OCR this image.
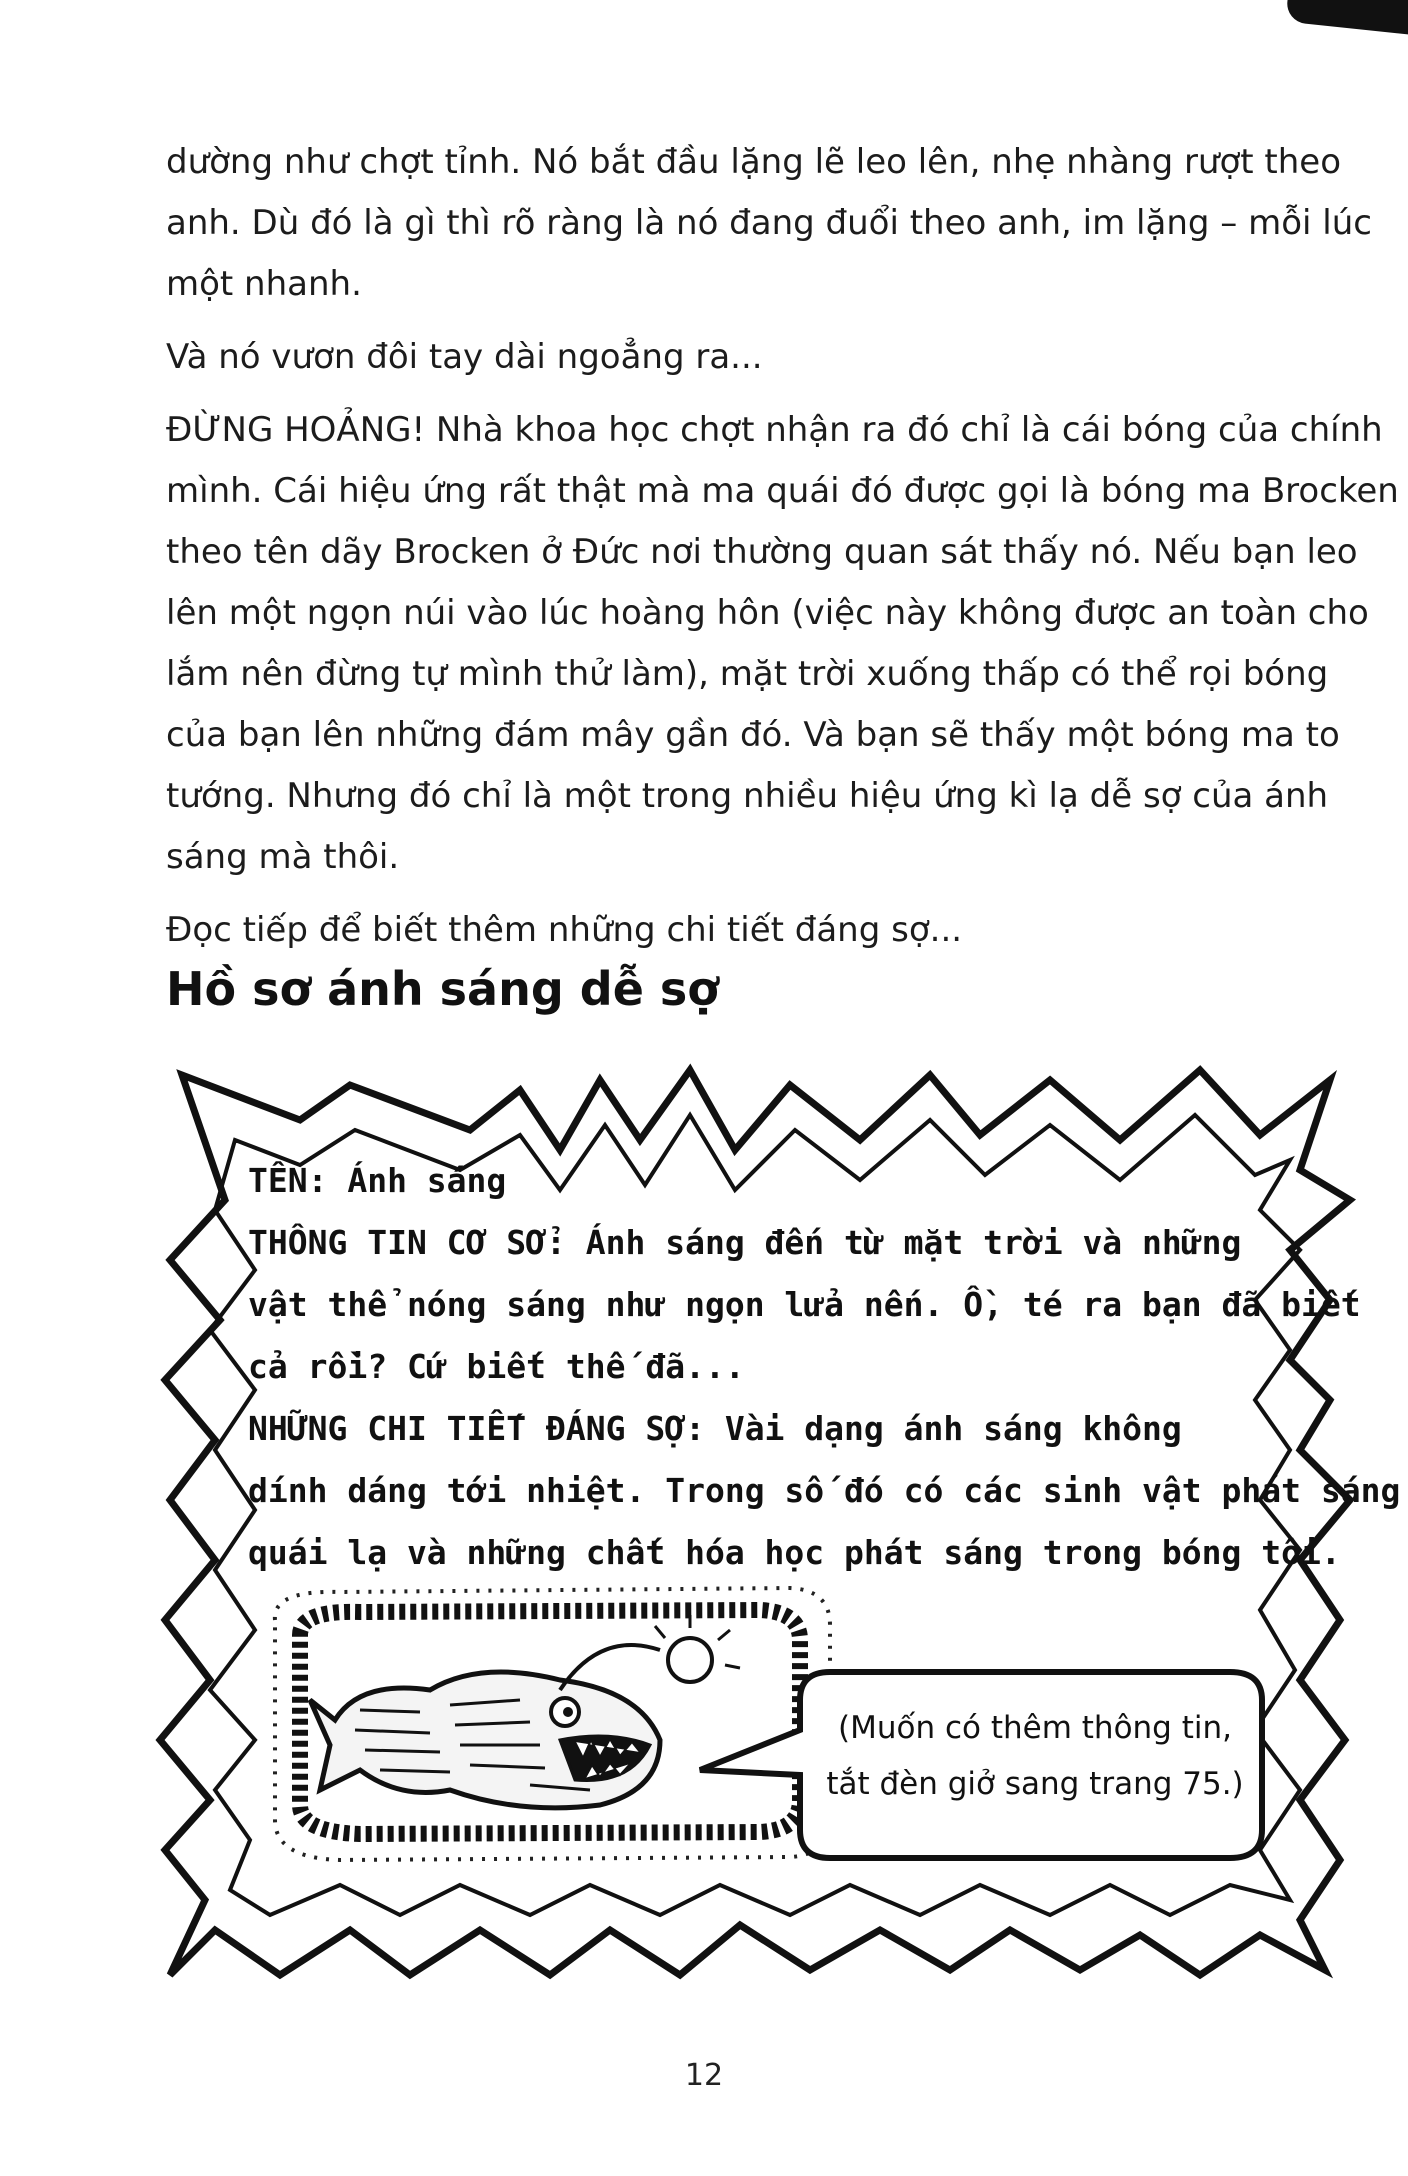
dường như chợt tỉnh. Nó bắt đầu lặng lẽ leo lên, nhẹ nhàng rượt theo
anh. Dù đó là gì thì rõ ràng là nó đang đuổi theo anh, im lặng – mỗi lúc
một nhanh.

Và nó vươn đôi tay dài ngoẳng ra...

ĐỪNG HOẢNG! Nhà khoa học chợt nhận ra đó chỉ là cái bóng của chính
mình. Cái hiệu ứng rất thật mà ma quái đó được gọi là bóng ma Brocken
theo tên dãy Brocken ở Đức nơi thường quan sát thấy nó. Nếu bạn leo
lên một ngọn núi vào lúc hoàng hôn (việc này không được an toàn cho
lắm nên đừng tự mình thử làm), mặt trời xuống thấp có thể rọi bóng
của bạn lên những đám mây gần đó. Và bạn sẽ thấy một bóng ma to
tướng. Nhưng đó chỉ là một trong nhiều hiệu ứng kì lạ dễ sợ của ánh
sáng mà thôi.

Đọc tiếp để biết thêm những chi tiết đáng sợ...

Hồ sơ ánh sáng dễ sợ
TÊN: Ánh sáng
THÔNG TIN CƠ SỞ: Ánh sáng đến từ mặt trời và những
vật thể nóng sáng như ngọn lửa nến. Ồ, té ra bạn đã biết
cả rồi? Cứ biết thế đã...
NHỮNG CHI TIẾT ĐÁNG SỢ: Vài dạng ánh sáng không
dính dáng tới nhiệt. Trong số đó có các sinh vật phát sáng
quái lạ và những chất hóa học phát sáng trong bóng tối.
(Muốn có thêm thông tin,
tắt đèn giở sang trang 75.)
12
